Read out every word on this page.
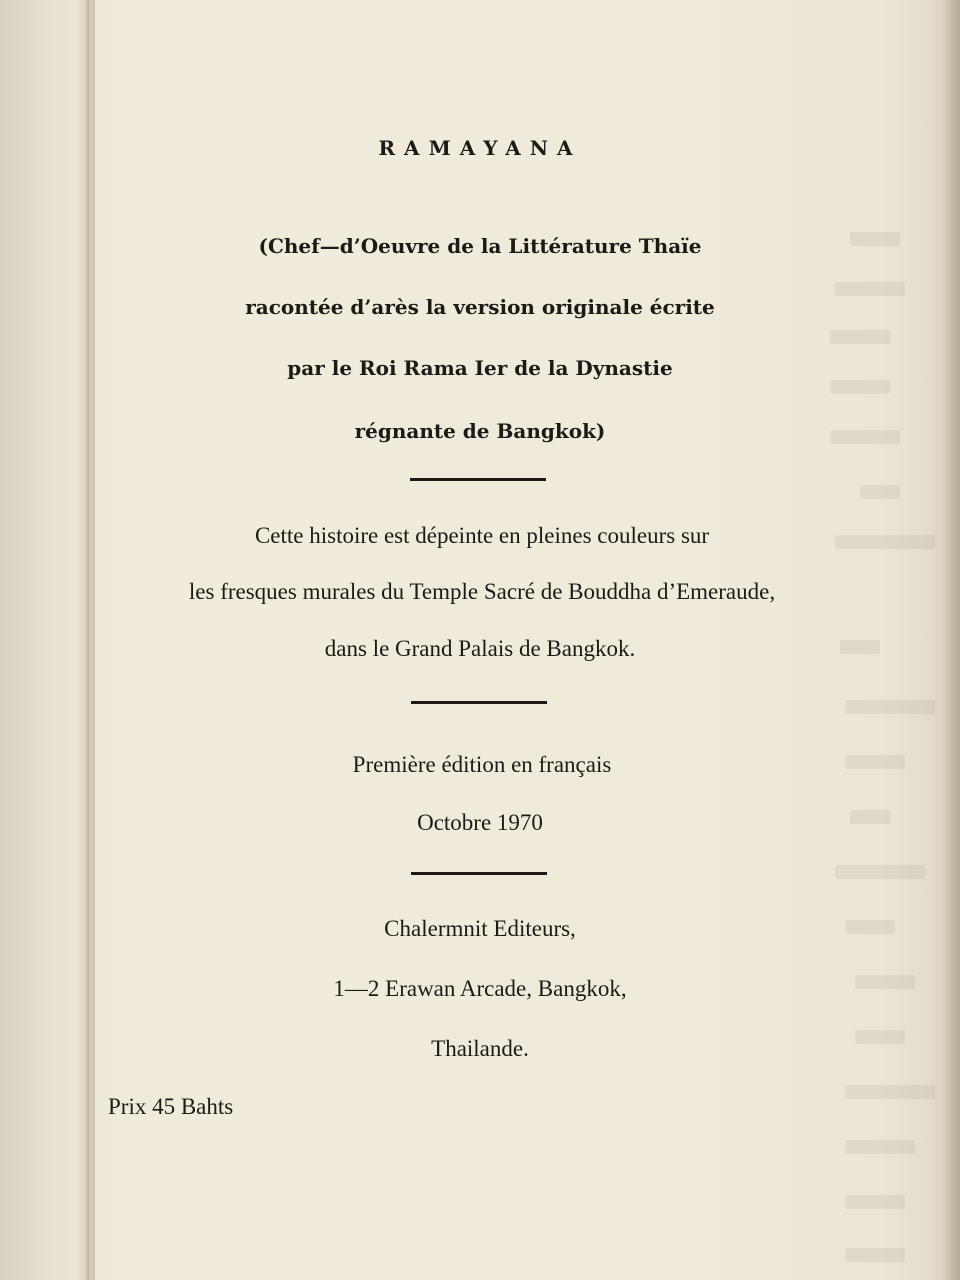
RAMAYANA
(Chef—d’Oeuvre de la Littérature Thaïe
racontée d’arès la version originale écrite
par le Roi Rama Ier de la Dynastie
régnante de Bangkok)
Cette histoire est dépeinte en pleines couleurs sur
les fresques murales du Temple Sacré de Bouddha d’Emeraude,
dans le Grand Palais de Bangkok.
Première édition en français
Octobre 1970
Chalermnit Editeurs,
1—2 Erawan Arcade, Bangkok,
Thailande.
Prix 45 Bahts
